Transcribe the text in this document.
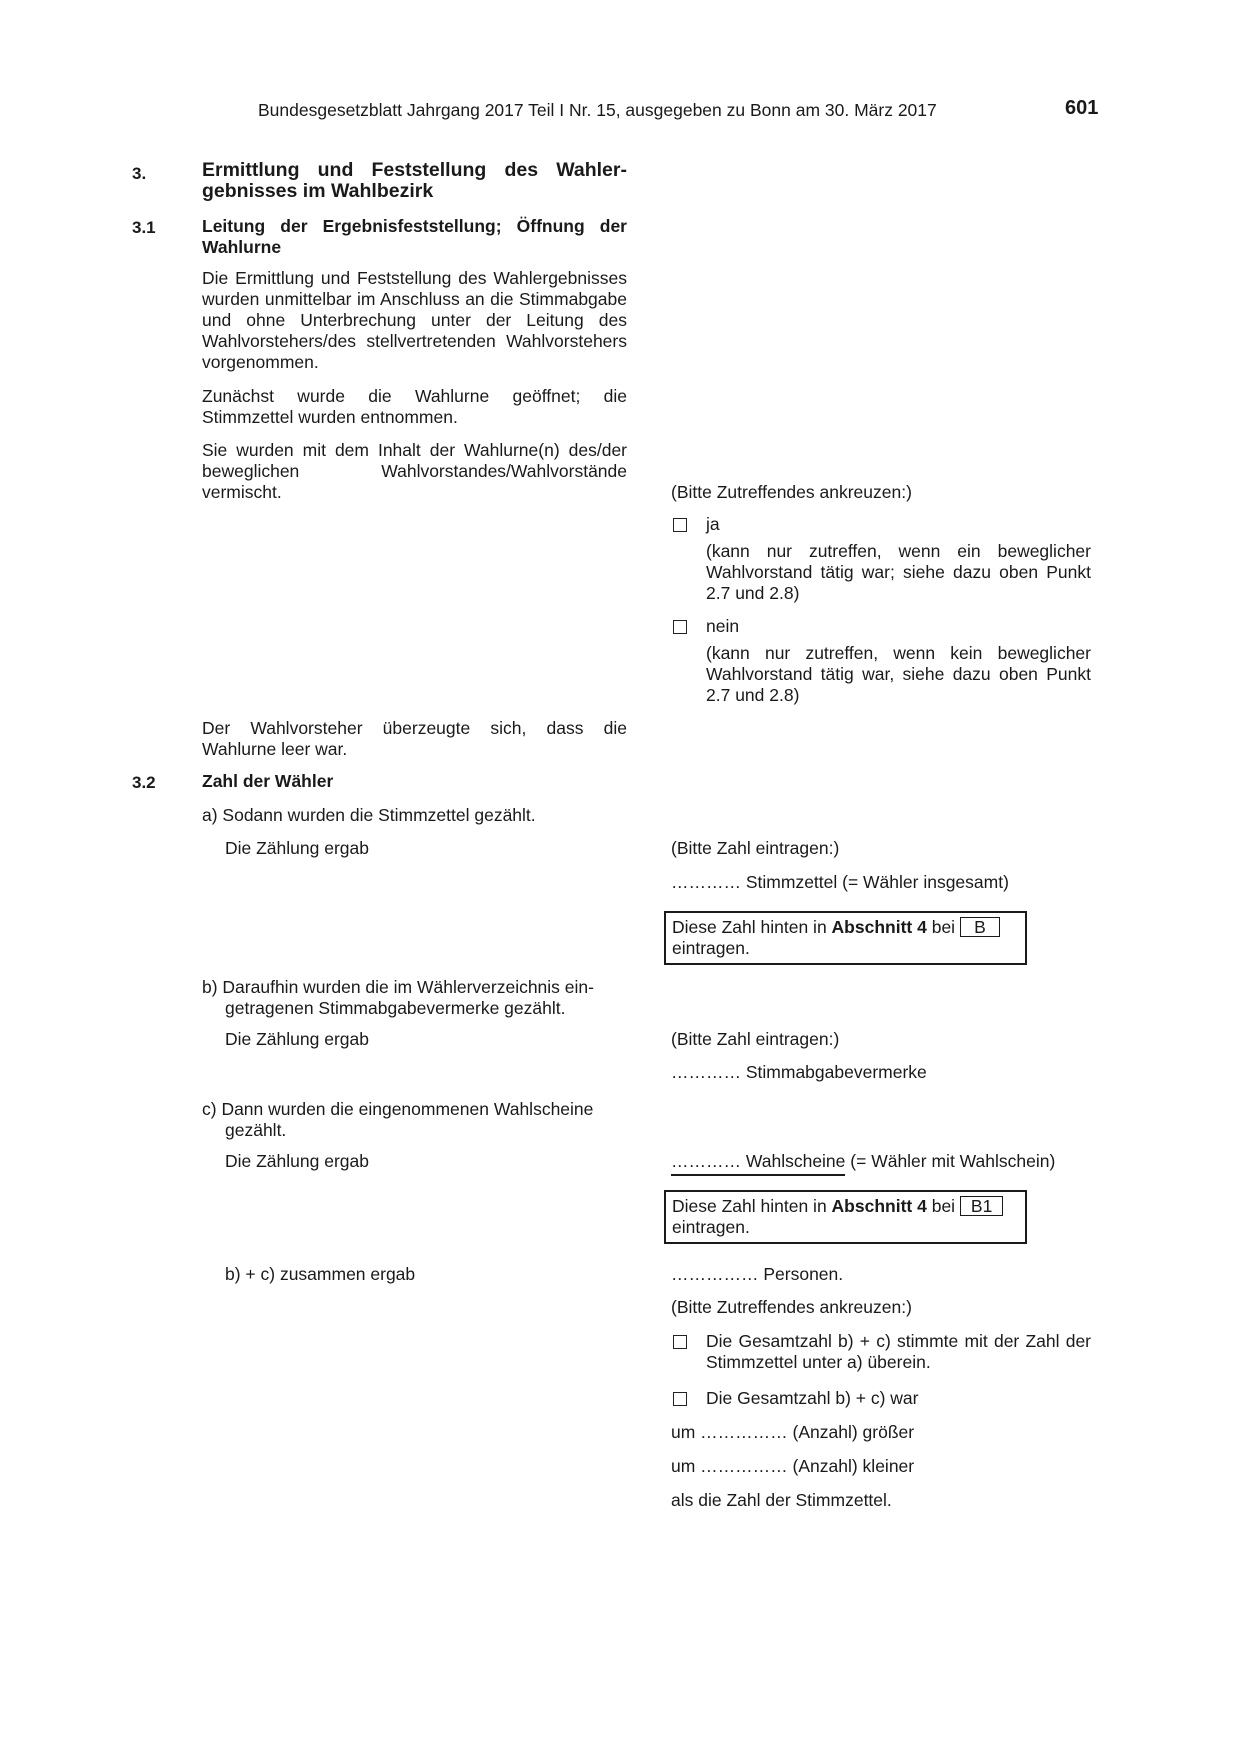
Bundesgesetzblatt Jahrgang 2017 Teil I Nr. 15, ausgegeben zu Bonn am 30. März 2017	601
3.	Ermittlung und Feststellung des Wahlergebnisses im Wahlbezirk
3.1	Leitung der Ergebnisfeststellung; Öffnung der Wahlurne
Die Ermittlung und Feststellung des Wahlergebnisses wurden unmittelbar im Anschluss an die Stimmabgabe und ohne Unterbrechung unter der Leitung des Wahlvorstehers/des stellvertretenden Wahlvorstehers vorgenommen.
Zunächst wurde die Wahlurne geöffnet; die Stimmzettel wurden entnommen.
Sie wurden mit dem Inhalt der Wahlurne(n) des/der beweglichen Wahlvorstandes/Wahlvorstände vermischt.	(Bitte Zutreffendes ankreuzen:)
ja
(kann nur zutreffen, wenn ein beweglicher Wahlvorstand tätig war; siehe dazu oben Punkt 2.7 und 2.8)
nein
(kann nur zutreffen, wenn kein beweglicher Wahlvorstand tätig war, siehe dazu oben Punkt 2.7 und 2.8)
Der Wahlvorsteher überzeugte sich, dass die Wahlurne leer war.
3.2	Zahl der Wähler
a) Sodann wurden die Stimmzettel gezählt.
Die Zählung ergab	(Bitte Zahl eintragen:)
………… Stimmzettel (= Wähler insgesamt)
Diese Zahl hinten in Abschnitt 4 bei B
eintragen.
b) Daraufhin wurden die im Wählerverzeichnis ein-
getragenen Stimmabgabevermerke gezählt.
Die Zählung ergab	(Bitte Zahl eintragen:)
………… Stimmabgabevermerke
c) Dann wurden die eingenommenen Wahlscheine
gezählt.
Die Zählung ergab	………… Wahlscheine (= Wähler mit Wahlschein)
Diese Zahl hinten in Abschnitt 4 bei B1
eintragen.
b) + c) zusammen ergab	…………… Personen.
(Bitte Zutreffendes ankreuzen:)
Die Gesamtzahl b) + c) stimmte mit der Zahl der Stimmzettel unter a) überein.
Die Gesamtzahl b) + c) war
um …………… (Anzahl) größer
um …………… (Anzahl) kleiner
als die Zahl der Stimmzettel.
